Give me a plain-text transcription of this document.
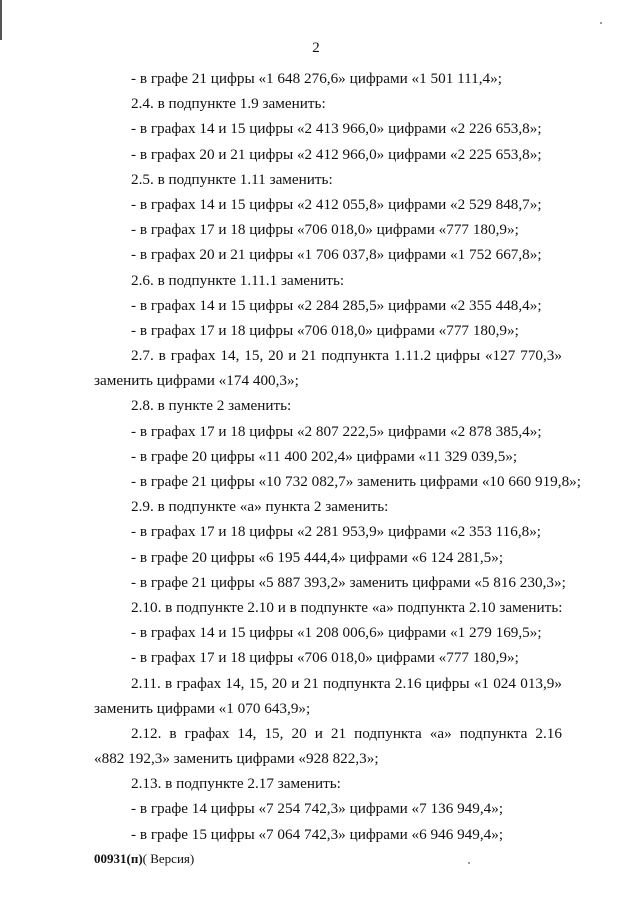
2
- в графе 21 цифры «1 648 276,6» цифрами «1 501 111,4»;
2.4. в подпункте 1.9 заменить:
- в графах 14 и 15 цифры «2 413 966,0» цифрами «2 226 653,8»;
- в графах 20 и 21 цифры «2 412 966,0» цифрами «2 225 653,8»;
2.5. в подпункте 1.11 заменить:
- в графах 14 и 15 цифры «2 412 055,8» цифрами «2 529 848,7»;
- в графах 17 и 18 цифры «706 018,0» цифрами «777 180,9»;
- в графах 20 и 21 цифры «1 706 037,8» цифрами «1 752 667,8»;
2.6. в подпункте 1.11.1 заменить:
- в графах 14 и 15 цифры «2 284 285,5» цифрами «2 355 448,4»;
- в графах 17 и 18 цифры «706 018,0» цифрами «777 180,9»;
2.7. в графах 14, 15, 20 и 21 подпункта 1.11.2 цифры «127 770,3»
заменить цифрами «174 400,3»;
2.8. в пункте 2 заменить:
- в графах 17 и 18 цифры «2 807 222,5» цифрами «2 878 385,4»;
- в графе 20 цифры «11 400 202,4» цифрами «11 329 039,5»;
- в графе 21 цифры «10 732 082,7» заменить цифрами «10 660 919,8»;
2.9. в подпункте «а» пункта 2 заменить:
- в графах 17 и 18 цифры «2 281 953,9» цифрами «2 353 116,8»;
- в графе 20 цифры «6 195 444,4» цифрами «6 124 281,5»;
- в графе 21 цифры «5 887 393,2» заменить цифрами «5 816 230,3»;
2.10. в подпункте 2.10 и в подпункте «а» подпункта 2.10 заменить:
- в графах 14 и 15 цифры «1 208 006,6» цифрами «1 279 169,5»;
- в графах 17 и 18 цифры «706 018,0» цифрами «777 180,9»;
2.11. в графах 14, 15, 20 и 21 подпункта 2.16 цифры «1 024 013,9»
заменить цифрами «1 070 643,9»;
2.12. в графах 14, 15, 20 и 21 подпункта «а» подпункта 2.16
«882 192,3» заменить цифрами «928 822,3»;
2.13. в подпункте 2.17 заменить:
- в графе 14 цифры «7 254 742,3» цифрами «7 136 949,4»;
- в графе 15 цифры «7 064 742,3» цифрами «6 946 949,4»;
00931(п)( Версия)
